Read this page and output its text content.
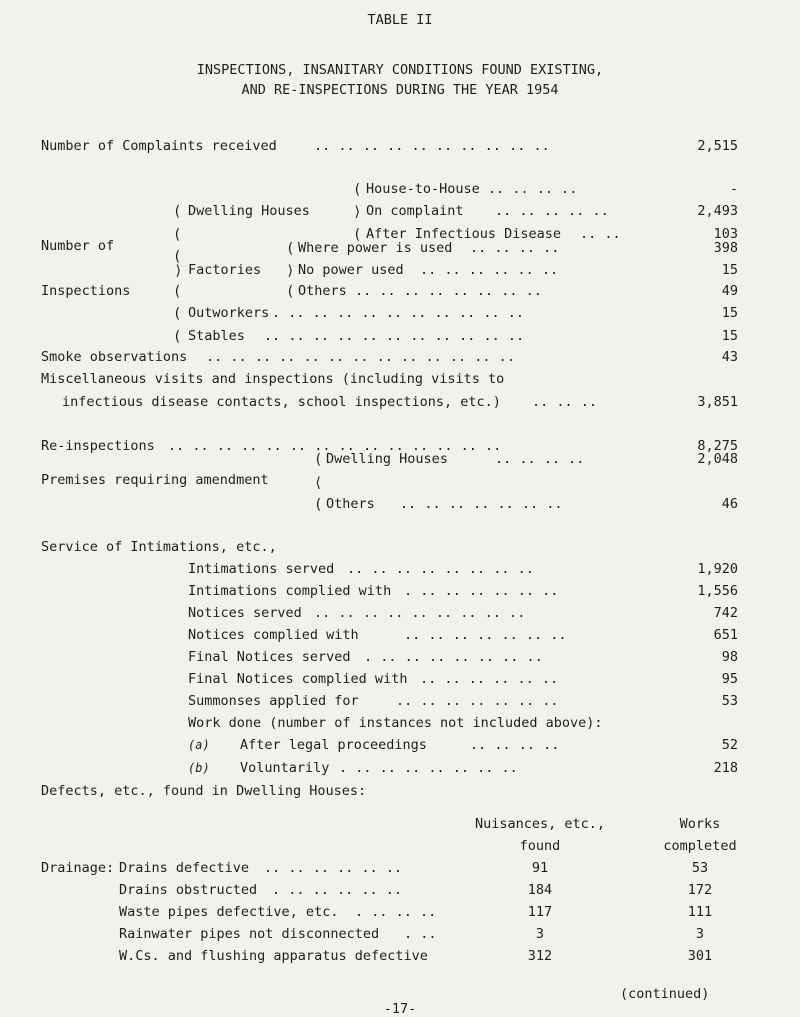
TABLE II
INSPECTIONS, INSANITARY CONDITIONS FOUND EXISTING,
AND RE-INSPECTIONS DURING THE YEAR 1954
Number of Complaints received	.. .. .. .. .. .. .. .. .. ..	2,515
Number of
Inspections
(
(
(
⟩
(
(
(
Dwelling Houses
(
⟩
(
House-to-House .. .. .. ..	-
On complaint .. .. .. .. ..	2,493
After Infectious Disease .. ..	103
Factories
(
⟩
(
Where power is used .. .. .. ..	398
No power used .. .. .. .. .. ..	15
Others .. .. .. .. .. .. .. ..	49
Outworkers . .. .. .. .. .. .. .. .. .. ..	15
Stables .. .. .. .. .. .. .. .. .. .. ..	15
Smoke observations .. .. .. .. .. .. .. .. .. .. .. .. ..	43
Miscellaneous visits and inspections (including visits to
infectious disease contacts, school inspections, etc.) .. .. ..	3,851
Re-inspections .. .. .. .. .. .. .. .. .. .. .. .. .. ..	8,275
Premises requiring amendment
(
⟨
(
Dwelling Houses	.. .. .. ..	2,048
Others .. .. .. .. .. .. ..	46
Service of Intimations, etc.,
Intimations served .. .. .. .. .. .. .. ..	1,920
Intimations complied with . .. .. .. .. .. ..	1,556
Notices served .. .. .. .. .. .. .. .. ..	742
Notices complied with	.. .. .. .. .. .. ..	651
Final Notices served . .. .. .. .. .. .. ..	98
Final Notices complied with .. .. .. .. .. ..	95
Summonses applied for	.. .. .. .. .. .. ..	53
Work done (number of instances not included above):
(a) After legal proceedings	.. .. .. ..	52
(b) Voluntarily . .. .. .. .. .. .. ..	218
Defects, etc., found in Dwelling Houses:
Nuisances, etc.,
found
Works
completed
Drainage: Drains defective .. .. .. .. .. ..	91	53
Drains obstructed . .. .. .. .. ..	184	172
Waste pipes defective, etc. . .. .. ..	117	111
Rainwater pipes not disconnected . ..	3	3
W.Cs. and flushing apparatus defective	312	301
(continued)
-17-
